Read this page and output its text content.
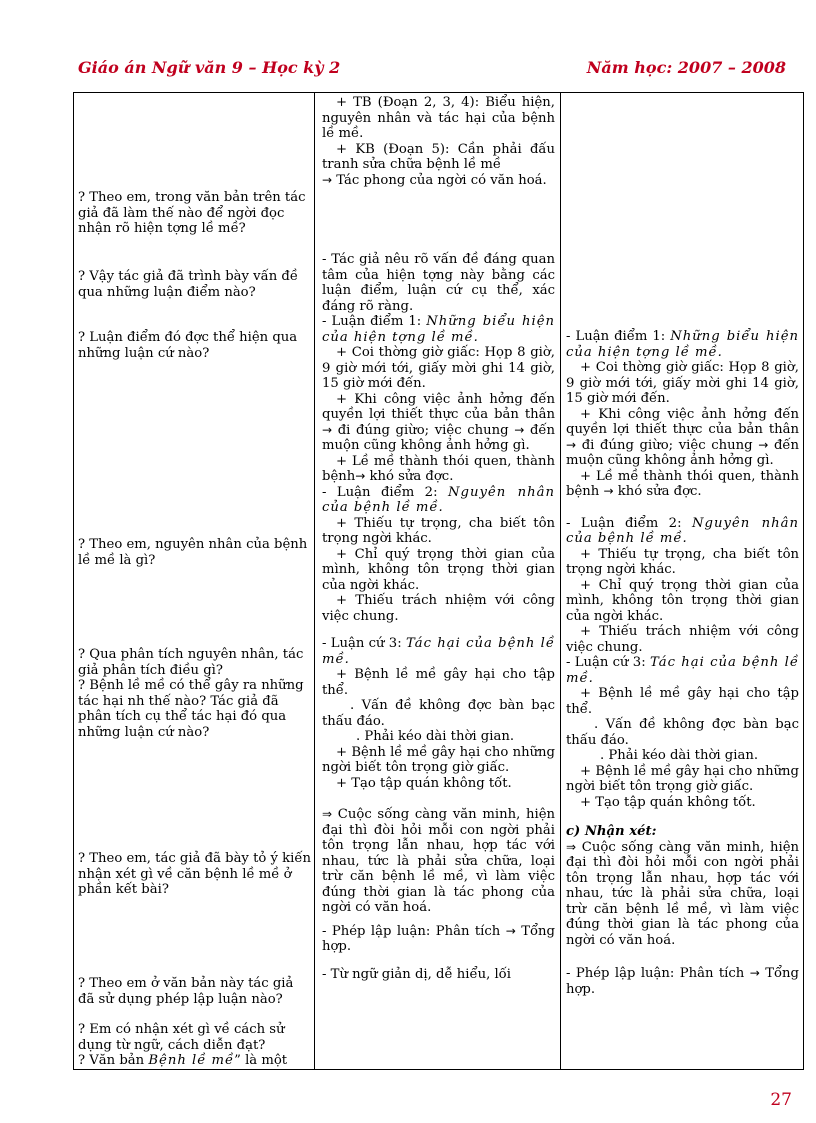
Giáo án Ngữ văn 9 – Học kỳ 2	Năm học: 2007 – 2008
? Theo em, trong văn bản trên tác giả đã làm thế nào để ngời đọc nhận rõ hiện tợng lề mề?
? Vậy tác giả đã trình bày vấn đề qua những luận điểm nào?
? Luận điểm đó đợc thể hiện qua những luận cứ nào?
? Theo em, nguyên nhân của bệnh lề mề là gì?
? Qua phân tích nguyên nhân, tác giả phân tích điều gì?
? Bệnh lề mề có thể gây ra những tác hại nh thế nào? Tác giả đã phân tích cụ thể tác hại đó qua những luận cứ nào?
? Theo em, tác giả đã bày tỏ ý kiến nhận xét gì về căn bệnh lề mề ở phần kết bài?
? Theo em ở văn bản này tác giả đã sử dụng phép lập luận nào?
? Em có nhận xét gì về cách sử dụng từ ngữ, cách diễn đạt?
? Văn bản Bệnh lề mề” là một

+ TB (Đoạn 2, 3, 4): Biểu hiện, nguyên nhân và tác hại của bệnh lề mề.

+ KB (Đoạn 5): Cần phải đấu tranh sửa chữa bệnh lề mề

→ Tác phong của ngời có văn hoá.

- Tác giả nêu rõ vấn đề đáng quan tâm của hiện tợng này bằng các luận điểm, luận cứ cụ thể, xác đáng rõ ràng.

- Luận điểm 1: Những biểu hiện của hiện tợng lề mề.

+ Coi thờng giờ giấc: Họp 8 giờ, 9 giờ mới tới, giấy mời ghi 14 giờ, 15 giờ mới đến.

+ Khi công việc ảnh hởng đến quyền lợi thiết thực của bản thân → đi đúng giừo; việc chung → đến muộn cũng không ảnh hởng gì.

+ Lề mề thành thói quen, thành bệnh→ khó sửa đợc.

- Luận điểm 2: Nguyên nhân của bệnh lề mề.

+ Thiếu tự trọng, cha biết tôn trọng ngời khác.

+ Chỉ quý trọng thời gian của mình, không tôn trọng thời gian của ngời khác.

+ Thiếu trách nhiệm với công việc chung.

- Luận cứ 3: Tác hại của bệnh lề mề.

+ Bệnh lề mề gây hại cho tập thể.

. Vấn đề không đợc bàn bạc thấu đáo.

. Phải kéo dài thời gian.

+ Bệnh lề mề gây hại cho những ngời biết tôn trọng giờ giấc.

+ Tạo tập quán không tốt.

⇒ Cuộc sống càng văn minh, hiện đại thì đòi hỏi mỗi con ngời phải tôn trọng lẫn nhau, hợp tác với nhau, tức là phải sửa chữa, loại trừ căn bệnh lề mề, vì làm việc đúng thời gian là tác phong của ngời có văn hoá.

- Phép lập luận: Phân tích → Tổng hợp.

- Từ ngữ giản dị, dễ hiểu, lối

- Luận điểm 1: Những biểu hiện của hiện tợng lề mề.

+ Coi thờng giờ giấc: Họp 8 giờ, 9 giờ mới tới, giấy mời ghi 14 giờ, 15 giờ mới đến.

+ Khi công việc ảnh hởng đến quyền lợi thiết thực của bản thân → đi đúng giừo; việc chung → đến muộn cũng không ảnh hởng gì.

+ Lề mề thành thói quen, thành bệnh → khó sửa đợc.

- Luận điểm 2: Nguyên nhân của bệnh lề mề.

+ Thiếu tự trọng, cha biết tôn trọng ngời khác.

+ Chỉ quý trọng thời gian của mình, không tôn trọng thời gian của ngời khác.

+ Thiếu trách nhiệm với công việc chung.

- Luận cứ 3: Tác hại của bệnh lề mề.

+ Bệnh lề mề gây hại cho tập thể.

. Vấn đề không đợc bàn bạc thấu đáo.

. Phải kéo dài thời gian.

+ Bệnh lề mề gây hại cho những ngời biết tôn trọng giờ giấc.

+ Tạo tập quán không tốt.

c) Nhận xét:

⇒ Cuộc sống càng văn minh, hiện đại thì đòi hỏi mỗi con ngời phải tôn trọng lẫn nhau, hợp tác với nhau, tức là phải sửa chữa, loại trừ căn bệnh lề mề, vì làm việc đúng thời gian là tác phong của ngời có văn hoá.

- Phép lập luận: Phân tích → Tổng hợp.

27
